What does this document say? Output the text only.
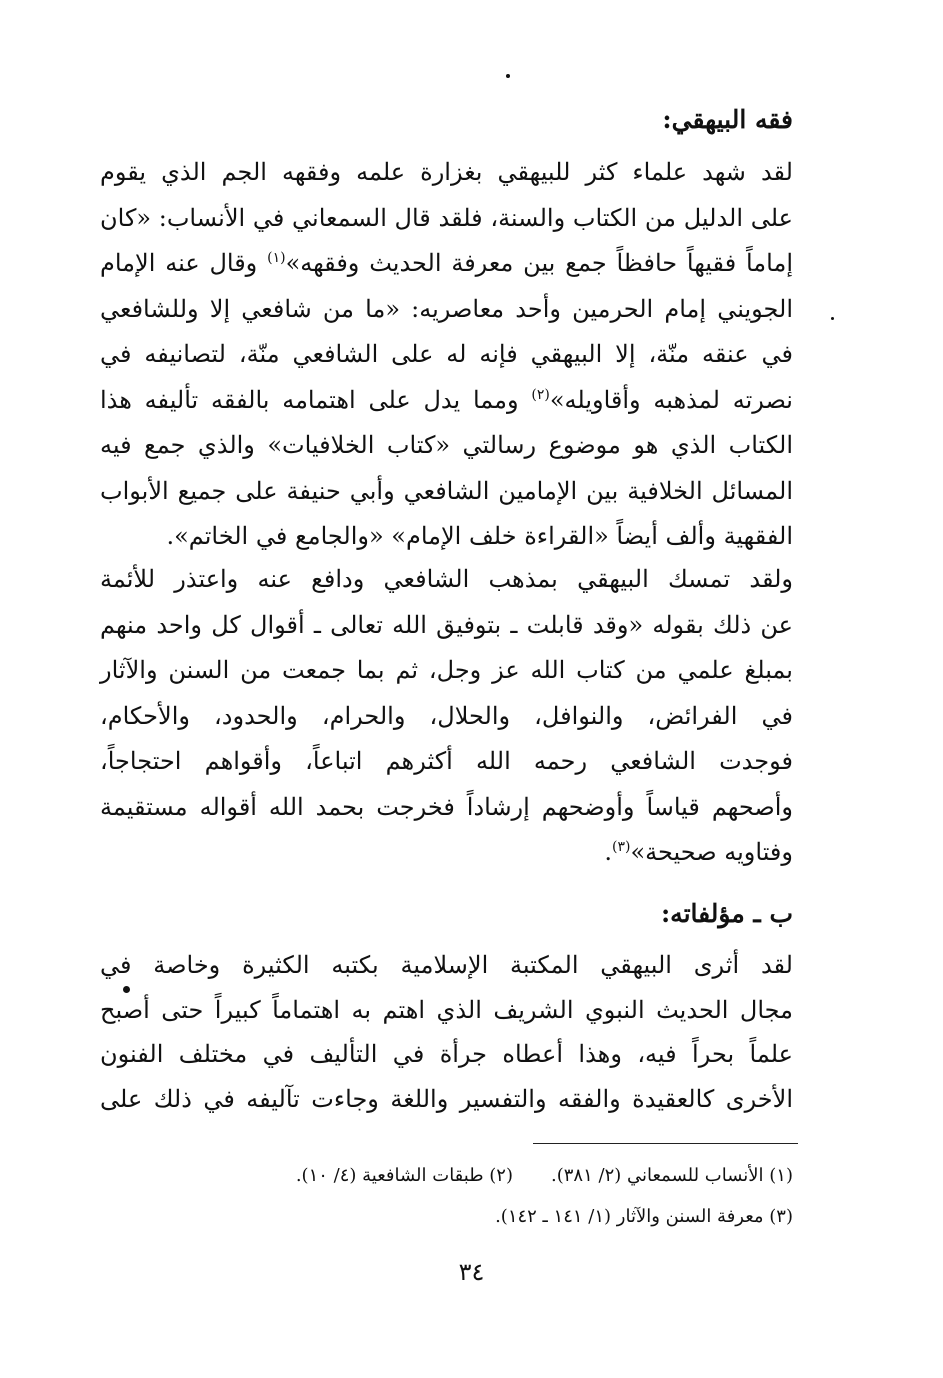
فقه البيهقي:
لقد شهد علماء كثر للبيهقي بغزارة علمه وفقهه الجم الذي يقوم
على الدليل من الكتاب والسنة، فلقد قال السمعاني في الأنساب: «كان
إماماً فقيهاً حافظاً جمع بين معرفة الحديث وفقهه»$^{(١)}$ وقال عنه الإمام
الجويني إمام الحرمين وأحد معاصريه: «ما من شافعي إلا وللشافعي
في عنقه منّة، إلا البيهقي فإنه له على الشافعي منّة، لتصانيفه في
نصرته لمذهبه وأقاويله»$^{(٢)}$ ومما يدل على اهتمامه بالفقه تأليفه هذا
الكتاب الذي هو موضوع رسالتي «كتاب الخلافيات» والذي جمع فيه
المسائل الخلافية بين الإمامين الشافعي وأبي حنيفة على جميع الأبواب
الفقهية وألف أيضاً «القراءة خلف الإمام» «والجامع في الخاتم».
ولقد تمسك البيهقي بمذهب الشافعي ودافع عنه واعتذر للأئمة
عن ذلك بقوله «وقد قابلت ـ بتوفيق الله تعالى ـ أقوال كل واحد منهم
بمبلغ علمي من كتاب الله عز وجل، ثم بما جمعت من السنن والآثار
في الفرائض، والنوافل، والحلال، والحرام، والحدود، والأحكام،
فوجدت الشافعي رحمه الله أكثرهم اتباعاً، وأقواهم احتجاجاً،
وأصحهم قياساً وأوضحهم إرشاداً فخرجت بحمد الله أقواله مستقيمة
وفتاويه صحيحة»$^{(٣)}$.
ب ـ مؤلفاته:
لقد أثرى البيهقي المكتبة الإسلامية بكتبه الكثيرة وخاصة في
مجال الحديث النبوي الشريف الذي اهتم به اهتماماً كبيراً حتى أصبح
علماً بحراً فيه، وهذا أعطاه جرأة في التأليف في مختلف الفنون
الأخرى كالعقيدة والفقه والتفسير واللغة وجاءت تآليفه في ذلك على
(١) الأنساب للسمعاني (٢/ ٣٨١).(٢) طبقات الشافعية (٤/ ١٠).
(٣) معرفة السنن والآثار (١/ ١٤١ ـ ١٤٢).
٣٤
